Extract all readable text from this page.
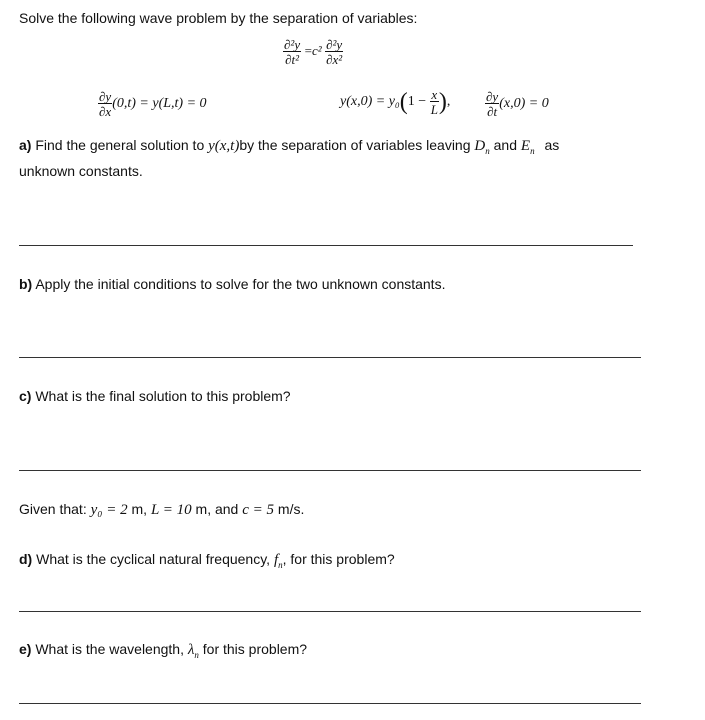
Solve the following wave problem by the separation of variables:
$\frac{\text{∂²y}}{\text{∂t²}} =c^2 \frac{\text{∂²y}}{\text{∂x²}}$
$\frac{\partial y}{\partial x} (0,t) = y(L,t) = 0$	$y(x,0) = y_0(1 - \frac{x}{L}$ ),	$\frac{\partial y}{\partial t} (x,0) = 0$
a) Find the general solution to y(x,t)by the separation of variables leaving $D_n$ and $E_n$ as
unknown constants.
b) Apply the initial conditions to solve for the two unknown constants.
c) What is the final solution to this problem?
Given that: y₀ = 2 m, L = 10 m, and c = 5 m/s.
d) What is the cyclical natural frequency, $f_n$, for this problem?
e) What is the wavelength, $\lambda_n$ for this problem?
